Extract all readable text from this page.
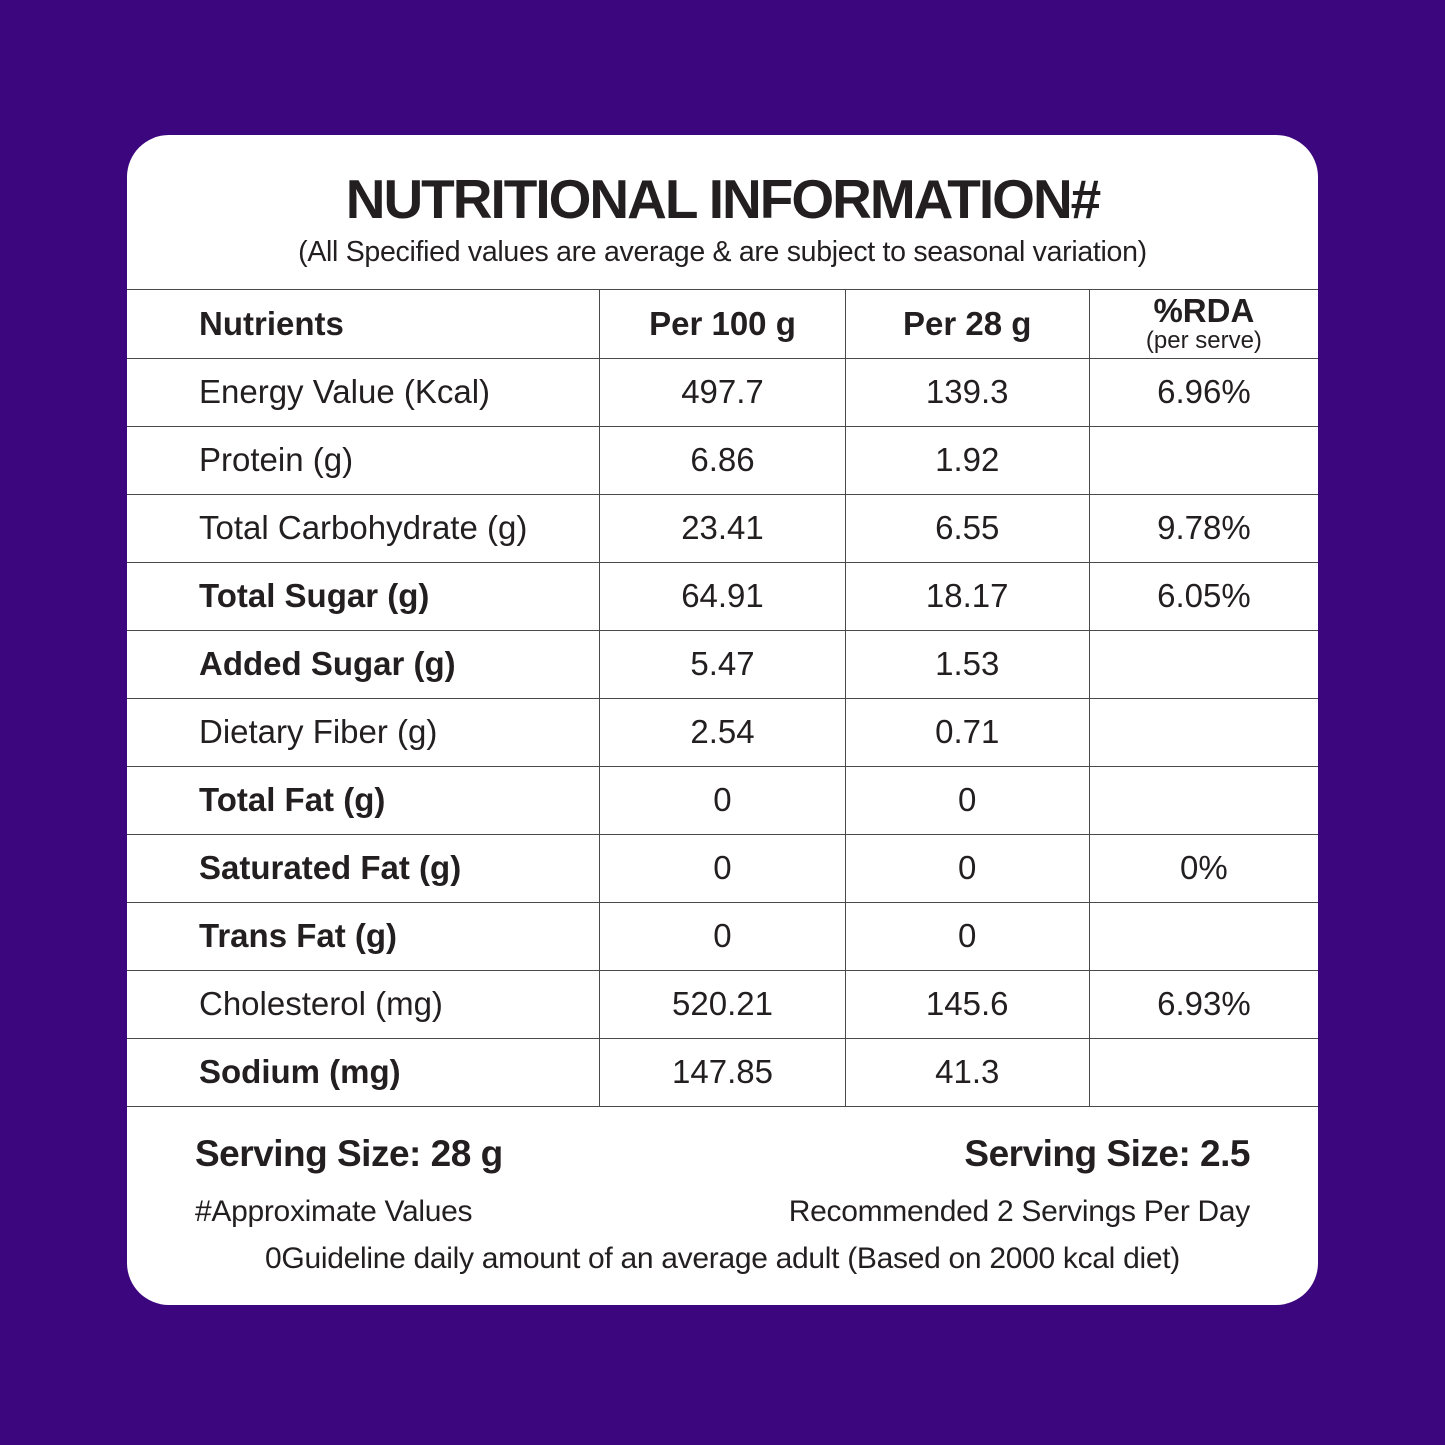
NUTRITIONAL INFORMATION#
(All Specified values are average & are subject to seasonal variation)
Nutrients	Per 100 g	Per 28 g	%RDA
(per serve)

Energy Value (Kcal)	497.7	139.3	6.96%
Protein (g)	6.86	1.92	
Total Carbohydrate (g)	23.41	6.55	9.78%
Total Sugar (g)	64.91	18.17	6.05%
Added Sugar (g)	5.47	1.53	
Dietary Fiber (g)	2.54	0.71	
Total Fat (g)	0	0	
Saturated Fat (g)	0	0	0%
Trans Fat (g)	0	0	
Cholesterol (mg)	520.21	145.6	6.93%
Sodium (mg)	147.85	41.3	
Serving Size: 28 g	Serving Size: 2.5
#Approximate Values	Recommended 2 Servings Per Day
0Guideline daily amount of an average adult (Based on 2000 kcal diet)
